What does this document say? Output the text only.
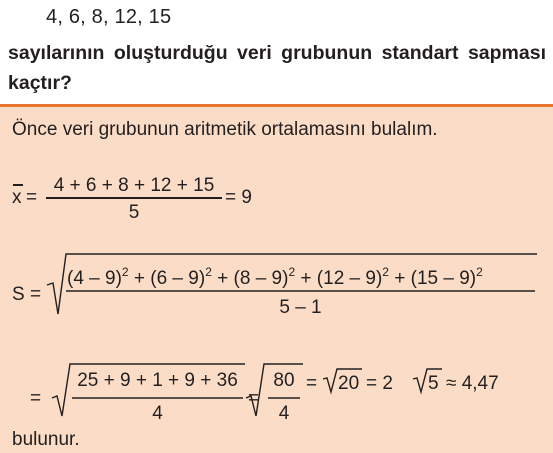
4, 6, 8, 12, 15
sayılarının oluşturduğu veri grubunun standart sapması kaçtır?
Önce veri grubunun aritmetik ortalamasını bulalım.
x =
4 + 6 + 8 + 12 + 15
5
= 9
S =
(4 – 9)$^2$ + (6 – 9)$^2$ + (8 – 9)$^2$ + (12 – 9)$^2$ + (15 – 9)$^2$
5 – 1
=
25 + 9 + 1 + 9 + 36
4
=
80
4
= 20 = 2 5 ≈ 4,47
bulunur.
